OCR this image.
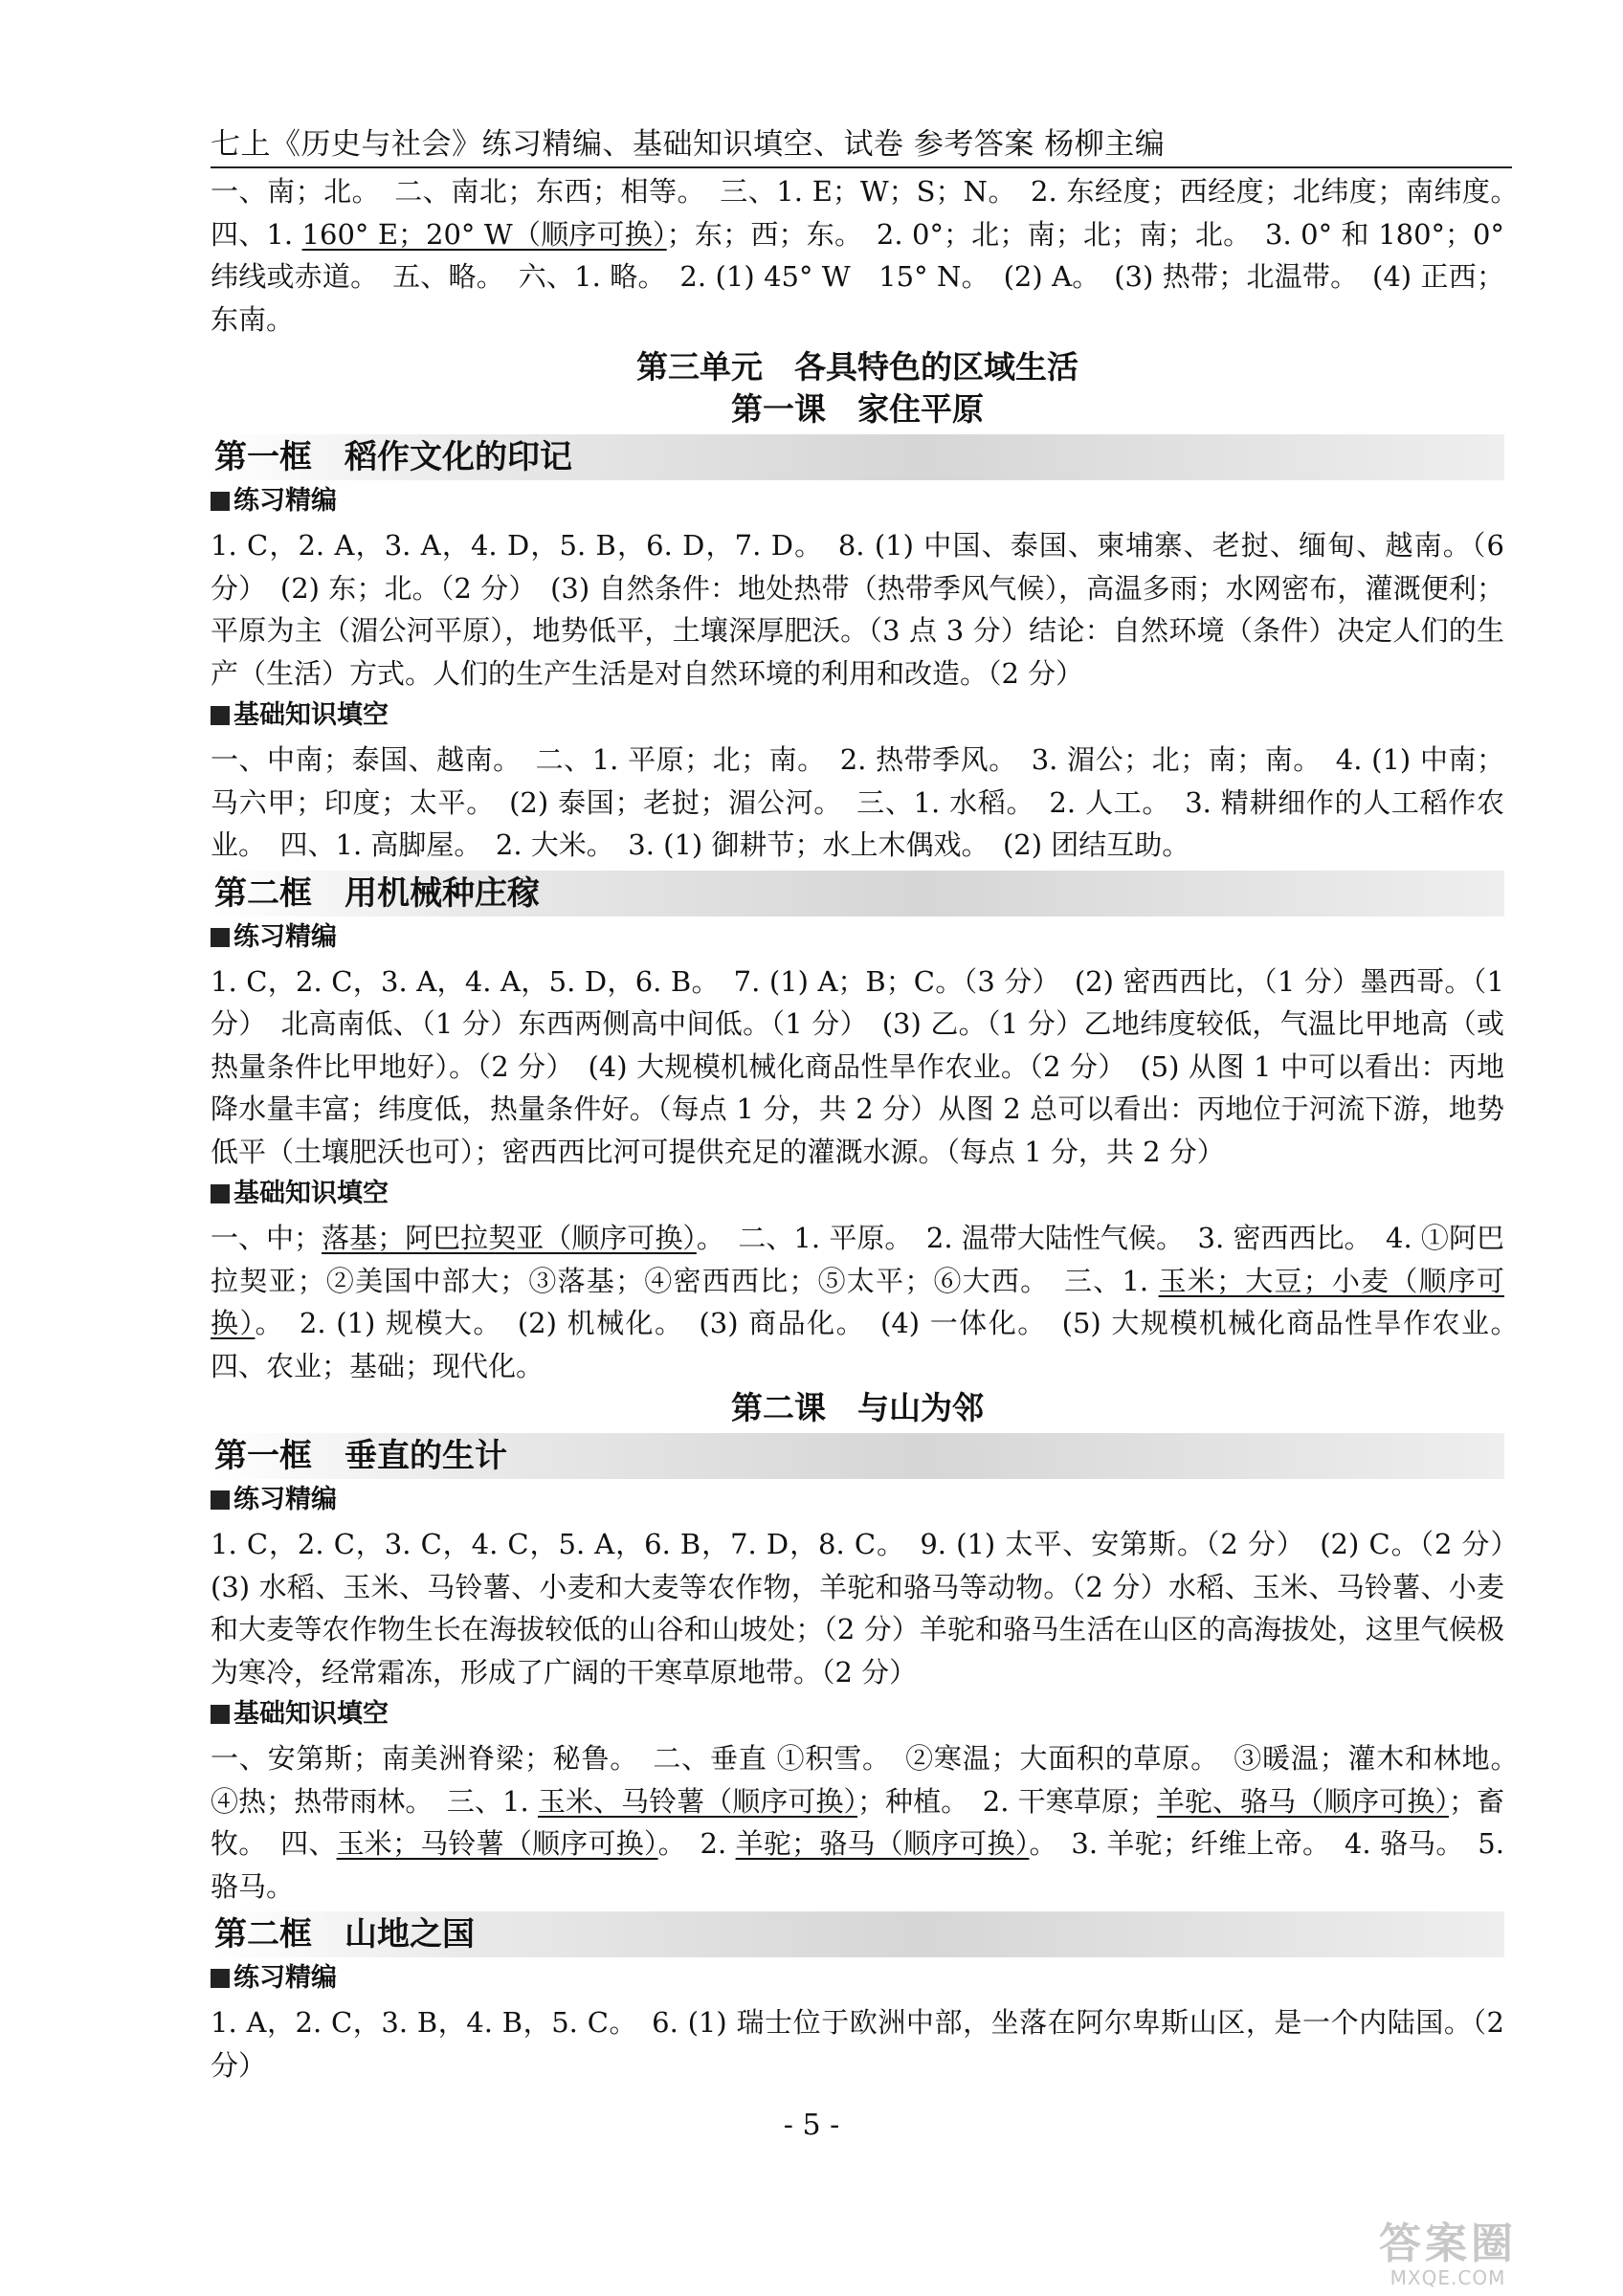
七上《历史与社会》练习精编、基础知识填空、试卷 参考答案 杨柳主编

一、南；北。　二、南北；东西；相等。　三、1. E；W；S；N。　2. 东经度；西经度；北纬度；南纬度。　四、1. 160° E；20° W（顺序可换）；东；西；东。　2. 0°；北；南；北；南；北。　3. 0° 和 180°；0° 纬线或赤道。　五、略。　六、1. 略。　2. (1) 45° W　15° N。　(2) A。　(3) 热带；北温带。　(4) 正西；东南。

第三单元　各具特色的区域生活
第一课　家住平原
第一框　稻作文化的印记
练习精编

1. C，2. A，3. A，4. D，5. B，6. D，7. D。　8. (1) 中国、泰国、柬埔寨、老挝、缅甸、越南。（6 分）　(2) 东；北。（2 分）　(3) 自然条件：地处热带（热带季风气候），高温多雨；水网密布，灌溉便利；平原为主（湄公河平原），地势低平，土壤深厚肥沃。（3 点 3 分）结论：自然环境（条件）决定人们的生产（生活）方式。人们的生产生活是对自然环境的利用和改造。（2 分）

基础知识填空

一、中南；泰国、越南。　二、1. 平原；北；南。　2. 热带季风。　3. 湄公；北；南；南。　4. (1) 中南；马六甲；印度；太平。　(2) 泰国；老挝；湄公河。　三、1. 水稻。　2. 人工。　3. 精耕细作的人工稻作农业。　四、1. 高脚屋。　2. 大米。　3. (1) 御耕节；水上木偶戏。　(2) 团结互助。

第二框　用机械种庄稼
练习精编

1. C，2. C，3. A，4. A，5. D，6. B。　7. (1) A；B；C。（3 分）　(2) 密西西比，（1 分）墨西哥。（1 分）　北高南低、（1 分）东西两侧高中间低。（1 分）　(3) 乙。（1 分）乙地纬度较低，气温比甲地高（或热量条件比甲地好）。（2 分）　(4) 大规模机械化商品性旱作农业。（2 分）　(5) 从图 1 中可以看出：丙地降水量丰富；纬度低，热量条件好。（每点 1 分，共 2 分）从图 2 总可以看出：丙地位于河流下游，地势低平（土壤肥沃也可）；密西西比河可提供充足的灌溉水源。（每点 1 分，共 2 分）

基础知识填空

一、中；落基；阿巴拉契亚（顺序可换）。　二、1. 平原。　2. 温带大陆性气候。　3. 密西西比。　4. ①阿巴拉契亚；②美国中部大；③落基；④密西西比；⑤太平；⑥大西。　三、1. 玉米；大豆；小麦（顺序可换）。　2. (1) 规模大。　(2) 机械化。　(3) 商品化。　(4) 一体化。　(5) 大规模机械化商品性旱作农业。　四、农业；基础；现代化。

第二课　与山为邻
第一框　垂直的生计
练习精编

1. C，2. C，3. C，4. C，5. A，6. B，7. D，8. C。　9. (1) 太平、安第斯。（2 分）　(2) C。（2 分）　(3) 水稻、玉米、马铃薯、小麦和大麦等农作物，羊驼和骆马等动物。（2 分）水稻、玉米、马铃薯、小麦和大麦等农作物生长在海拔较低的山谷和山坡处；（2 分）羊驼和骆马生活在山区的高海拔处，这里气候极为寒冷，经常霜冻，形成了广阔的干寒草原地带。（2 分）

基础知识填空

一、安第斯；南美洲脊梁；秘鲁。　二、垂直 ①积雪。　②寒温；大面积的草原。　③暖温；灌木和林地。　④热；热带雨林。　三、1. 玉米、马铃薯（顺序可换）；种植。　2. 干寒草原；羊驼、骆马（顺序可换）；畜牧。　四、玉米；马铃薯（顺序可换）。　2. 羊驼；骆马（顺序可换）。　3. 羊驼；纤维上帝。　4. 骆马。　5. 骆马。

第二框　山地之国
练习精编

1. A，2. C，3. B，4. B，5. C。　6. (1) 瑞士位于欧洲中部，坐落在阿尔卑斯山区，是一个内陆国。（2 分）

- 5 -
答案圈
MXQE.COM
